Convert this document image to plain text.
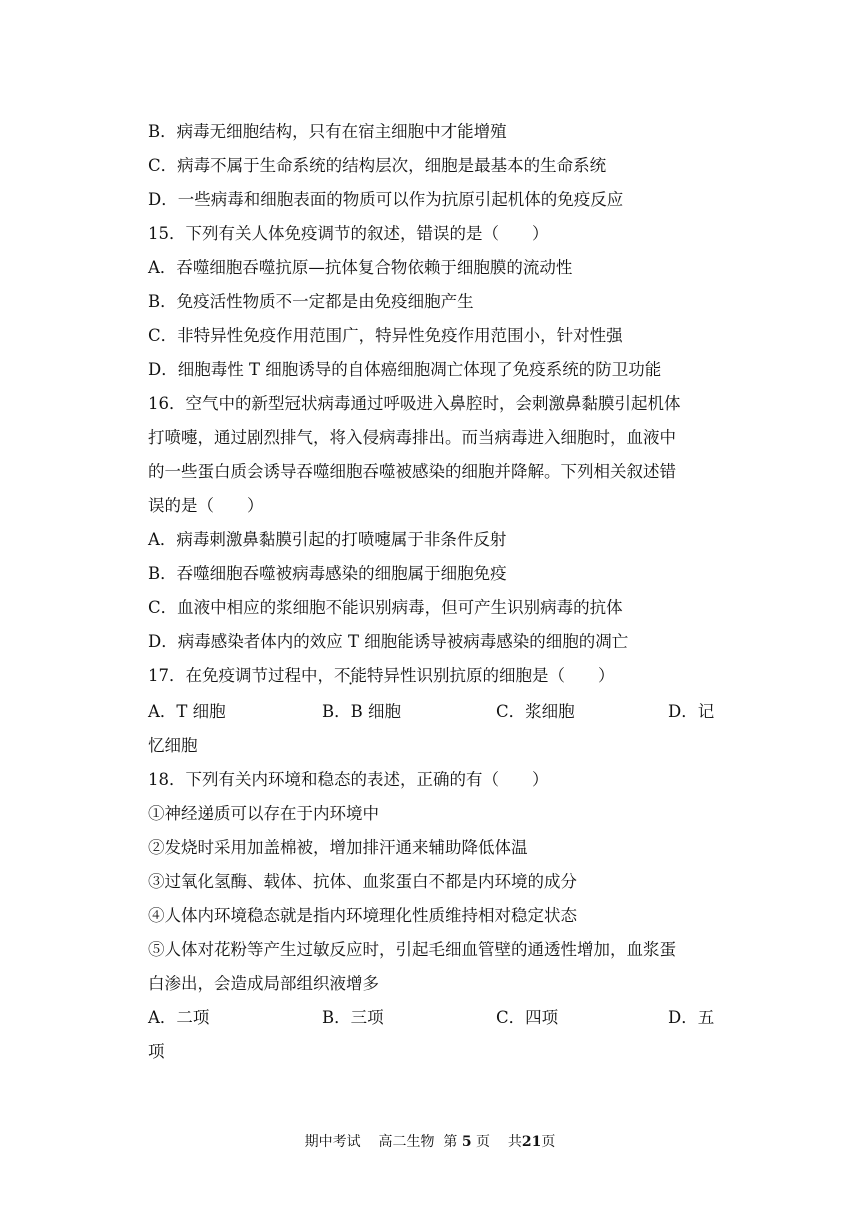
B．病毒无细胞结构，只有在宿主细胞中才能增殖
C．病毒不属于生命系统的结构层次，细胞是最基本的生命系统
D．一些病毒和细胞表面的物质可以作为抗原引起机体的免疫反应
15．下列有关人体免疫调节的叙述，错误的是（　　）
A．吞噬细胞吞噬抗原—抗体复合物依赖于细胞膜的流动性
B．免疫活性物质不一定都是由免疫细胞产生
C．非特异性免疫作用范围广，特异性免疫作用范围小，针对性强
D．细胞毒性 T 细胞诱导的自体癌细胞凋亡体现了免疫系统的防卫功能
16．空气中的新型冠状病毒通过呼吸进入鼻腔时，会刺激鼻黏膜引起机体
打喷嚏，通过剧烈排气，将入侵病毒排出。而当病毒进入细胞时，血液中
的一些蛋白质会诱导吞噬细胞吞噬被感染的细胞并降解。下列相关叙述错
误的是（　　）
A．病毒刺激鼻黏膜引起的打喷嚏属于非条件反射
B．吞噬细胞吞噬被病毒感染的细胞属于细胞免疫
C．血液中相应的浆细胞不能识别病毒，但可产生识别病毒的抗体
D．病毒感染者体内的效应 T 细胞能诱导被病毒感染的细胞的凋亡
17．在免疫调节过程中，不能特异性识别抗原的细胞是（　　）
A．T 细胞	B．B 细胞	C．浆细胞	D．记
忆细胞
18．下列有关内环境和稳态的表述，正确的有（　　）
①神经递质可以存在于内环境中
②发烧时采用加盖棉被，增加排汗通来辅助降低体温
③过氧化氢酶、载体、抗体、血浆蛋白不都是内环境的成分
④人体内环境稳态就是指内环境理化性质维持相对稳定状态
⑤人体对花粉等产生过敏反应时，引起毛细血管壁的通透性增加，血浆蛋
白渗出，会造成局部组织液增多
A．二项	B．三项	C．四项	D．五
项
期中考试 高二生物 第 5 页 共21页
